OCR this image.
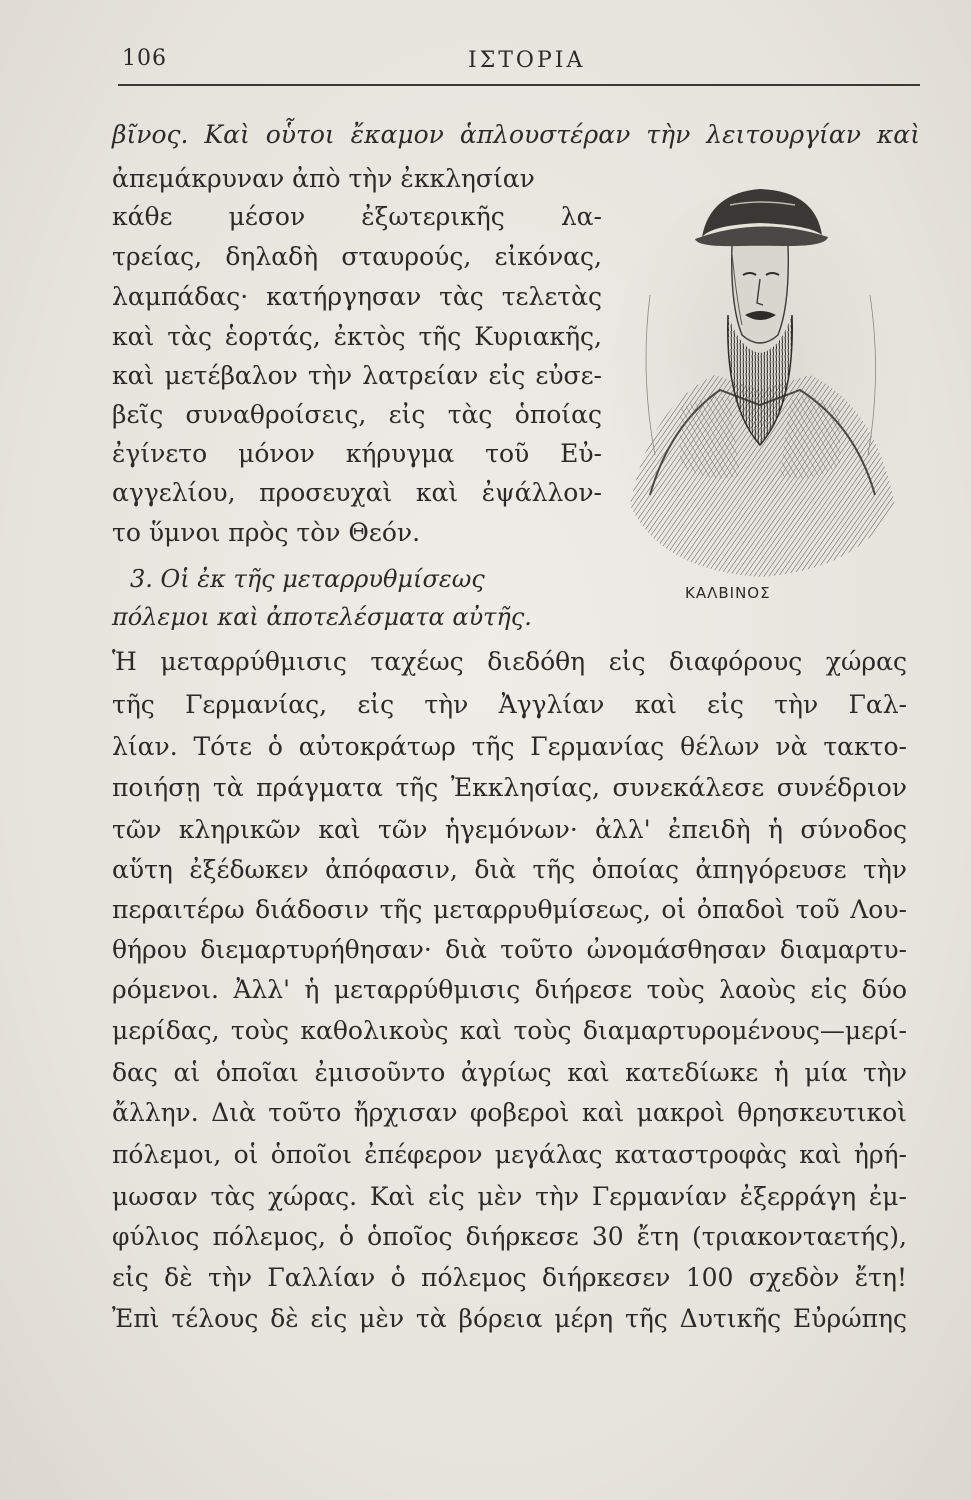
106	ΙΣΤΟΡΙΑ
ΚΑΛΒΙΝΟΣ
βῖνος. Καὶ οὗτοι ἔκαμον ἁπλουστέραν τὴν λειτουργίαν καὶ
ἀπεμάκρυναν ἀπὸ τὴν ἐκκλησίαν
κάθε μέσον ἐξωτερικῆς λα-
τρείας, δηλαδὴ σταυρούς, εἰκόνας,
λαμπάδας· κατήργησαν τὰς τελετὰς
καὶ τὰς ἑορτάς, ἐκτὸς τῆς Κυριακῆς,
καὶ μετέβαλον τὴν λατρείαν εἰς εὐσε-
βεῖς συναθροίσεις, εἰς τὰς ὁποίας
ἐγίνετο μόνον κήρυγμα τοῦ Εὐ-
αγγελίου, προσευχαὶ καὶ ἐψάλλον-
το ὕμνοι πρὸς τὸν Θεόν.
3. Οἱ ἐκ τῆς μεταρρυθμίσεως
πόλεμοι καὶ ἀποτελέσματα αὐτῆς.
Ἡ μεταρρύθμισις ταχέως διεδόθη εἰς διαφόρους χώρας
τῆς Γερμανίας, εἰς τὴν Ἀγγλίαν καὶ εἰς τὴν Γαλ-
λίαν. Τότε ὁ αὐτοκράτωρ τῆς Γερμανίας θέλων νὰ τακτο-
ποιήσῃ τὰ πράγματα τῆς Ἐκκλησίας, συνεκάλεσε συνέδριον
τῶν κληρικῶν καὶ τῶν ἡγεμόνων· ἀλλ' ἐπειδὴ ἡ σύνοδος
αὕτη ἐξέδωκεν ἀπόφασιν, διὰ τῆς ὁποίας ἀπηγόρευσε τὴν
περαιτέρω διάδοσιν τῆς μεταρρυθμίσεως, οἱ ὀπαδοὶ τοῦ Λου-
θήρου διεμαρτυρήθησαν· διὰ τοῦτο ὠνομάσθησαν διαμαρτυ-
ρόμενοι. Ἀλλ' ἡ μεταρρύθμισις διήρεσε τοὺς λαοὺς εἰς δύο
μερίδας, τοὺς καθολικοὺς καὶ τοὺς διαμαρτυρομένους—μερί-
δας αἱ ὁποῖαι ἐμισοῦντο ἀγρίως καὶ κατεδίωκε ἡ μία τὴν
ἄλλην. Διὰ τοῦτο ἤρχισαν φοβεροὶ καὶ μακροὶ θρησκευτικοὶ
πόλεμοι, οἱ ὁποῖοι ἐπέφερον μεγάλας καταστροφὰς καὶ ἠρή-
μωσαν τὰς χώρας. Καὶ εἰς μὲν τὴν Γερμανίαν ἐξερράγη ἐμ-
φύλιος πόλεμος, ὁ ὁποῖος διήρκεσε 30 ἔτη (τριακονταετής),
εἰς δὲ τὴν Γαλλίαν ὁ πόλεμος διήρκεσεν 100 σχεδὸν ἔτη!
Ἐπὶ τέλους δὲ εἰς μὲν τὰ βόρεια μέρη τῆς Δυτικῆς Εὐρώπης
